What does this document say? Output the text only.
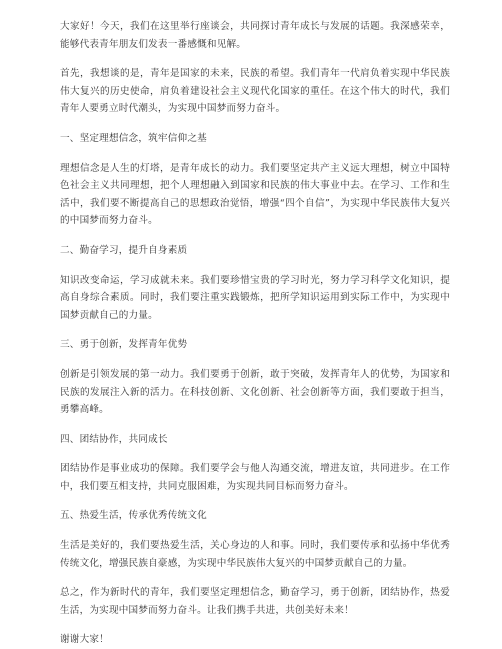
大家好！今天，我们在这里举行座谈会，共同探讨青年成长与发展的话题。我深感荣幸，能够代表青年朋友们发表一番感慨和见解。

首先，我想谈的是，青年是国家的未来，民族的希望。我们青年一代肩负着实现中华民族伟大复兴的历史使命，肩负着建设社会主义现代化国家的重任。在这个伟大的时代，我们青年人要勇立时代潮头，为实现中国梦而努力奋斗。

一、坚定理想信念，筑牢信仰之基

理想信念是人生的灯塔，是青年成长的动力。我们要坚定共产主义远大理想，树立中国特色社会主义共同理想，把个人理想融入到国家和民族的伟大事业中去。在学习、工作和生活中，我们要不断提高自己的思想政治觉悟，增强“四个自信”，为实现中华民族伟大复兴的中国梦而努力奋斗。

二、勤奋学习，提升自身素质

知识改变命运，学习成就未来。我们要珍惜宝贵的学习时光，努力学习科学文化知识，提高自身综合素质。同时，我们要注重实践锻炼，把所学知识运用到实际工作中，为实现中国梦贡献自己的力量。

三、勇于创新，发挥青年优势

创新是引领发展的第一动力。我们要勇于创新，敢于突破，发挥青年人的优势，为国家和民族的发展注入新的活力。在科技创新、文化创新、社会创新等方面，我们要敢于担当，勇攀高峰。

四、团结协作，共同成长

团结协作是事业成功的保障。我们要学会与他人沟通交流，增进友谊，共同进步。在工作中，我们要互相支持，共同克服困难，为实现共同目标而努力奋斗。

五、热爱生活，传承优秀传统文化

生活是美好的，我们要热爱生活，关心身边的人和事。同时，我们要传承和弘扬中华优秀传统文化，增强民族自豪感，为实现中华民族伟大复兴的中国梦贡献自己的力量。

总之，作为新时代的青年，我们要坚定理想信念，勤奋学习，勇于创新，团结协作，热爱生活，为实现中国梦而努力奋斗。让我们携手共进，共创美好未来！

谢谢大家！
